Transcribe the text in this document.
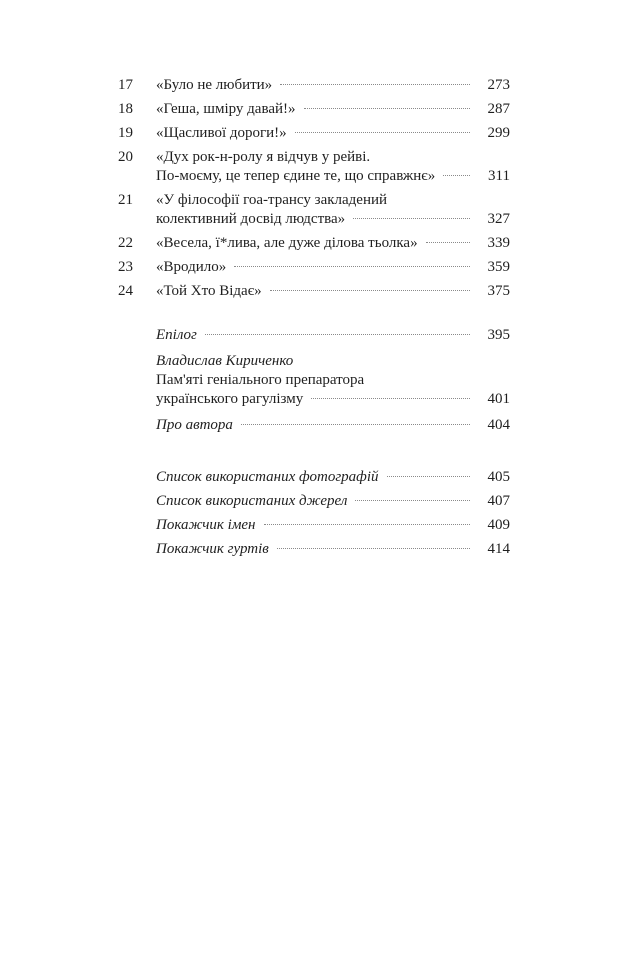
17	«Було не любити»	273
18	«Геша, шміру давай!»	287
19	«Щасливої дороги!»	299
20	«Дух рок-н-ролу я відчув у рейві.
По-моєму, це тепер єдине те, що справжнє»	311
21	«У філософії гоа-трансу закладений
колективний досвід людства»	327
22	«Весела, ї*лива, але дуже ділова тьолка»	339
23	«Вродило»	359
24	«Той Хто Відає»	375
Епілог	395
Владислав Кириченко
Пам'яті геніального препаратора
українського рагулізму	401
Про автора	404
Список використаних фотографій	405
Список використаних джерел	407
Покажчик імен	409
Покажчик гуртів	414
